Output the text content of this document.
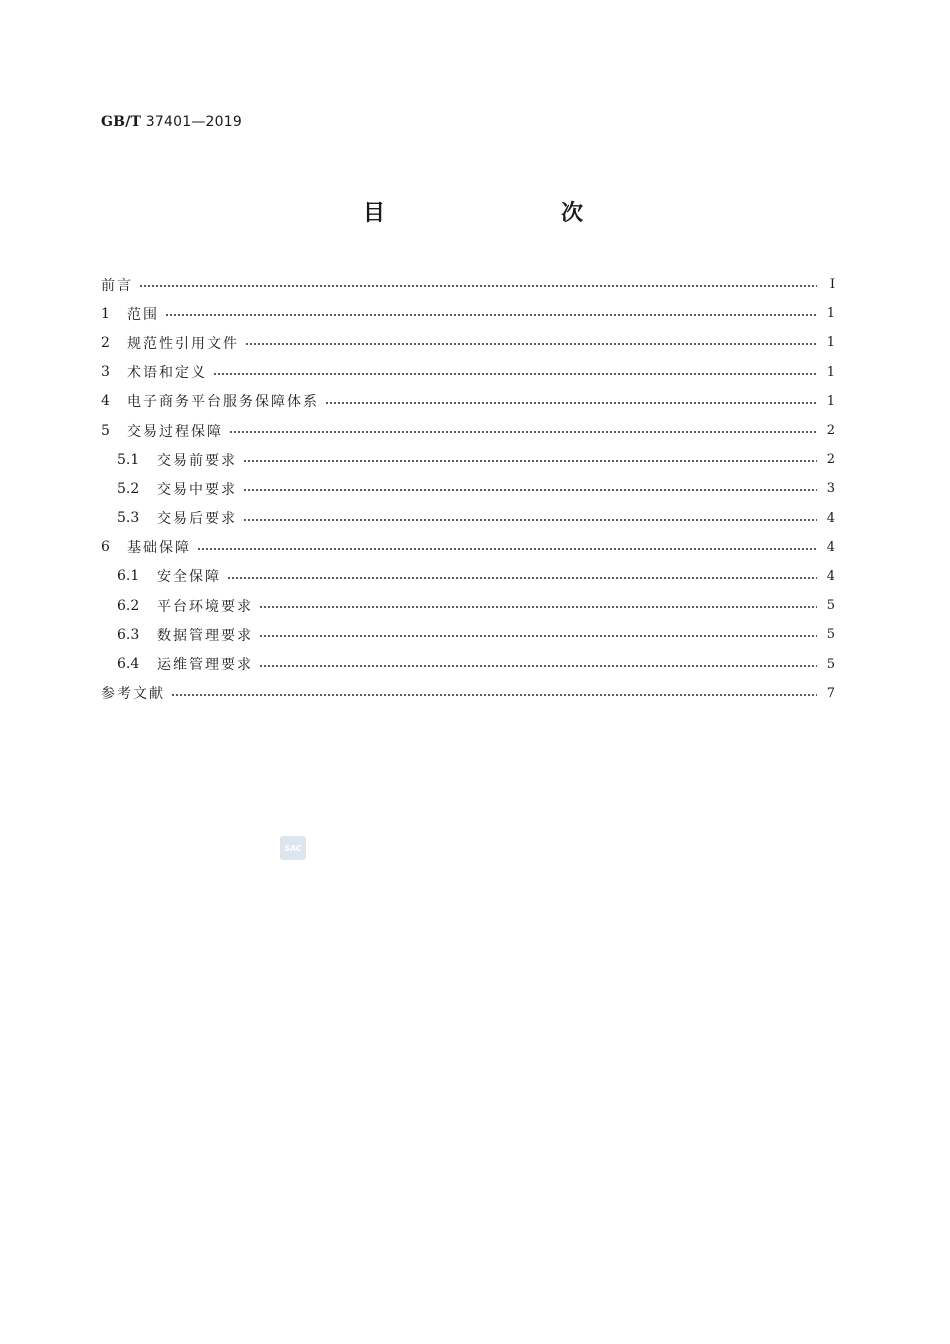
GB/T 37401—2019
目　　次
前言	Ⅰ
1	范围	1
2	规范性引用文件	1
3	术语和定义	1
4	电子商务平台服务保障体系	1
5	交易过程保障	2
5.1	交易前要求	2
5.2	交易中要求	3
5.3	交易后要求	4
6	基础保障	4
6.1	安全保障	4
6.2	平台环境要求	5
6.3	数据管理要求	5
6.4	运维管理要求	5
参考文献	7
SAC
